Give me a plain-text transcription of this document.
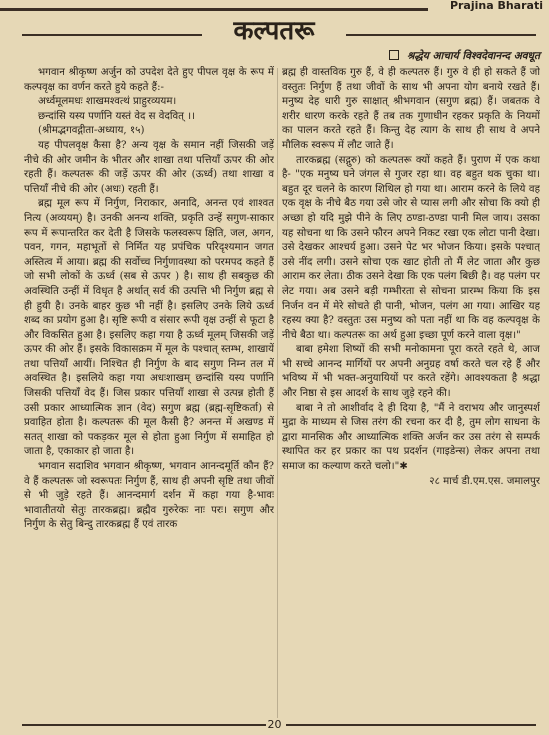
Prajina Bharati
कल्पतरू
श्रद्धेय आचार्य विश्वदेवानन्द अवधूत

भगवान श्रीकृष्ण अर्जुन को उपदेश देते हुए पीपल वृक्ष के रूप में कल्पवृक्ष का वर्णन करते हुये कहते हैं:-

अर्ध्वमूलमधः शाखमश्वत्थं प्राहुरव्ययम।

छन्दांसि यस्य पर्णानि यस्तं वेद स वेदवित् ।।

(श्रीमद्भगवद्गीता-अध्याय, १५)

यह पीपलवृक्ष कैसा है? अन्य वृक्ष के समान नहीं जिसकी जड़ें नीचे की ओर जमीन के भीतर और शाखा तथा पत्तियाँ ऊपर की ओर रहती हैं। कल्पतरू की जड़ें ऊपर की ओर (ऊर्ध्व) तथा शाखा व पत्तियाँ नीचे की ओर (अधः) रहती हैं।

ब्रह्म मूल रूप में निर्गुण, निराकार, अनादि, अनन्त एवं शाश्वत नित्य (अव्ययम्) है। उनकी अनन्य शक्ति, प्रकृति उन्हें सगुण-साकार रूप में रूपान्तरित कर देती है जिसके फलस्वरूप क्षिति, जल, अगन, पवन, गगन, महाभूतों से निर्मित यह प्रपंचिक परिदृश्यमान जगत अस्तित्व में आया। ब्रह्म की सर्वोच्च निर्गुणावस्था को परमपद कहते हैं जो सभी लोकों के ऊर्ध्व (सब से ऊपर ) है। साथ ही सबकुछ की अवस्थिति उन्हीं में विधृत है अर्थात् सर्व की उत्पत्ति भी निर्गुण ब्रह्म से ही हुयी है। उनके बाहर कुछ भी नहीं है। इसलिए उनके लिये ऊर्ध्व शब्द का प्रयोग हुआ है। सृष्टि रूपी व संसार रूपी वृक्ष उन्हीं से फूटा है और विकसित हुआ है। इसलिए कहा गया है ऊर्ध्व मूलम् जिसकी जड़ें ऊपर की ओर हैं। इसके विकासक्रम में मूल के पश्चात् स्तम्भ, शाखायें तथा पत्तियाँ आयीं। निश्चित ही निर्गुण के बाद सगुण निम्न तल में अवस्थित है। इसलिये कहा गया अधःशाखम् छन्दांसि यस्य पर्णानि जिसकी पत्तियाँ वेद हैं। जिस प्रकार पत्तियाँ शाखा से उत्पन्न होती हैं उसी प्रकार आध्यात्मिक ज्ञान (वेद) सगुण ब्रह्म (ब्रह्म-सृष्टिकर्ता) से प्रवाहित होता है। कल्पतरू की मूल कैसी है? अनन्त में अखण्ड में सतत् शाखा को पकड़कर मूल से होता हुआ निर्गुण में समाहित हो जाता है, एकाकार हो जाता है।

भगवान सदाशिव भगवान श्रीकृष्ण, भगवान आनन्दमूर्ति कौन हैं? वे हैं कल्पतरू जो स्वरूपतः निर्गुण हैं, साथ ही अपनी सृष्टि तथा जीवों से भी जुड़े रहते हैं। आनन्दमार्ग दर्शन में कहा गया है-भावः भावातीतयो सेतुः तारकब्रह्म। ब्रह्मैव गुरुरेकः नाः परः। सगुण और निर्गुण के सेतु बिन्दु तारकब्रह्म हैं एवं तारक

ब्रह्म ही वास्तविक गुरु हैं, वे ही कल्पतरु हैं। गुरु वे ही हो सकते हैं जो वस्तुतः निर्गुण हैं तथा जीवों के साथ भी अपना योग बनाये रखते हैं। मनुष्य देह धारी गुरु साक्षात् श्रीभगवान (सगुण ब्रह्म) हैं। जबतक वे शरीर धारण करके रहते हैं तब तक गुणाधीन रहकर प्रकृति के नियमों का पालन करते रहते हैं। किन्तु देह त्याग के साथ ही साथ वे अपने मौलिक स्वरूप में लौट जाते हैं।

तारकब्रह्म (सद्गुरु) को कल्पतरू क्यों कहते हैं। पुराण में एक कथा है- "एक मनुष्य घने जंगल से गुजर रहा था। वह बहुत थक चुका था। बहुत दूर चलने के कारण शिथिल हो गया था। आराम करने के लिये वह एक वृक्ष के नीचे बैठ गया उसे जोर से प्यास लगी और सोचा कि क्यो ही अच्छा हो यदि मुझे पीने के लिए ठण्डा-ठण्डा पानी मिल जाय। उसका यह सोचना था कि उसने फौरन अपने निकट रखा एक लोटा पानी देखा। उसे देखकर आश्चर्य हुआ। उसने पेट भर भोजन किया। इसके पश्चात् उसे नींद लगी। उसने सोचा एक खाट होती तो मैं लेट जाता और कुछ आराम कर लेता। ठीक उसने देखा कि एक पलंग बिछी है। वह पलंग पर लेट गया। अब उसने बड़ी गम्भीरता से सोचना प्रारम्भ किया कि इस निर्जन वन में मेरे सोचते ही पानी, भोजन, पलंग आ गया। आखिर यह रहस्य क्या है? वस्तुतः उस मनुष्य को पता नहीं था कि वह कल्पवृक्ष के नीचे बैठा था। कल्पतरू का अर्थ हुआ इच्छा पूर्ण करने वाला वृक्ष।"

बाबा हमेशा शिष्यों की सभी मनोकामना पूरा करते रहते थे, आज भी सच्चे आनन्द मार्गियों पर अपनी अनुग्रह वर्षा करते चल रहे हैं और भविष्य में भी भक्त-अनुयायियों पर करते रहेंगे। आवश्यकता है श्रद्धा और निष्ठा से इस आदर्श के साथ जुड़े रहने की।

बाबा ने तो आशीर्वाद दे ही दिया है, "मैं ने वराभय और जानुस्पर्श मुद्रा के माध्यम से जिस तरंग की रचना कर दी है, तुम लोग साधना के द्वारा मानसिक और आध्यात्मिक शक्ति अर्जन कर उस तरंग से सम्पर्क स्थापित कर हर प्रकार का पथ प्रदर्शन (गाइडेन्स) लेकर अपना तथा समाज का कल्याण करते चलो।"✱

२८ मार्च डी.एम.एस. जमालपुर

20
